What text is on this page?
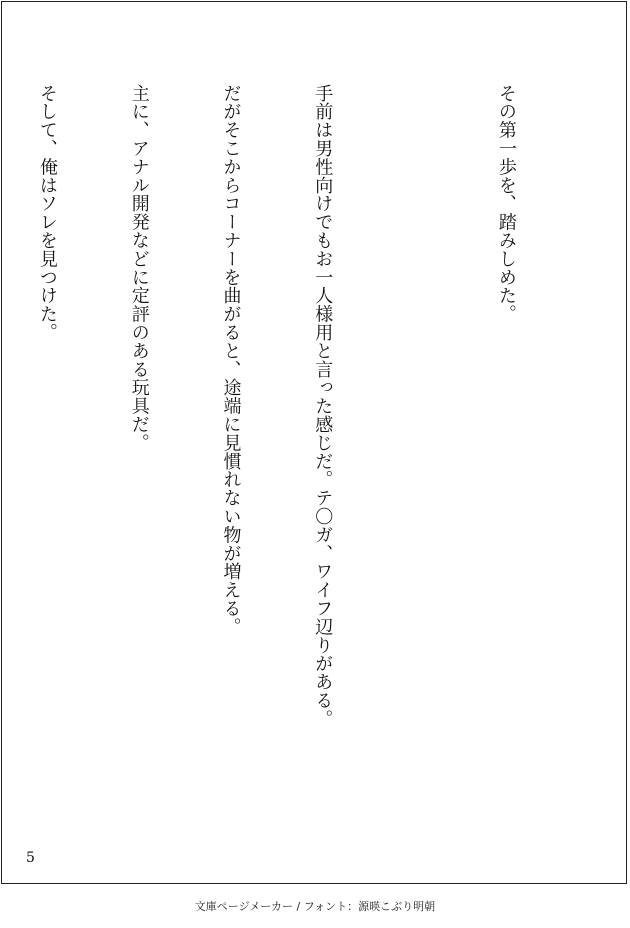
その第一歩を、踏みしめた。

手前は男性向けでもお一人様用と言った感じだ。テ〇ガ、ワイフ辺りがある。

だがそこからコーナーを曲がると、途端に見慣れない物が増える。

主に、アナル開発などに定評のある玩具だ。

そして、俺はソレを見つけた。

5
文庫ページメーカー / フォント：源暎こぶり明朝
